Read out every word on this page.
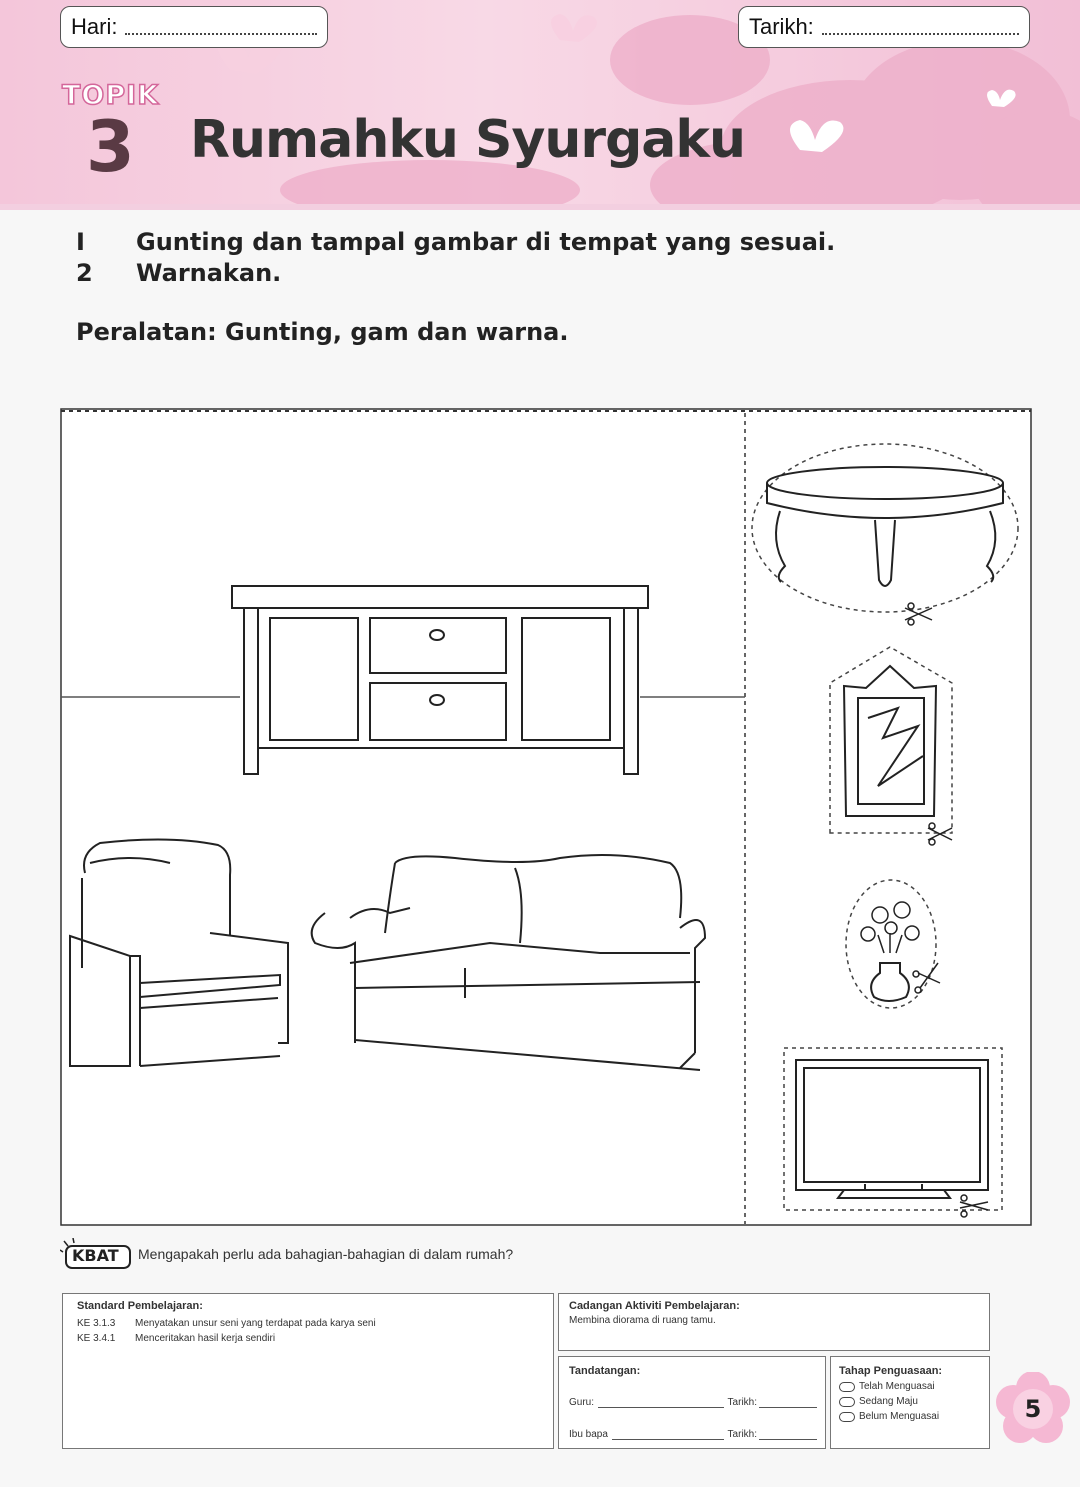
Hari:	Tarikh:
TOPIK
3 Rumahku Syurgaku
I	Gunting dan tampal gambar di tempat yang sesuai.
2	Warnakan.
Peralatan: Gunting, gam dan warna.
KBAT Mengapakah perlu ada bahagian-bahagian di dalam rumah?
Standard Pembelajaran:
KE 3.1.3	Menyatakan unsur seni yang terdapat pada karya seni
KE 3.4.1	Menceritakan hasil kerja sendiri
Cadangan Aktiviti Pembelajaran:
Membina diorama di ruang tamu.
Tandatangan:
Guru:	Tarikh:
Ibu bapa	Tarikh:
Tahap Penguasaan:
Telah Menguasai
Sedang Maju
Belum Menguasai	5
